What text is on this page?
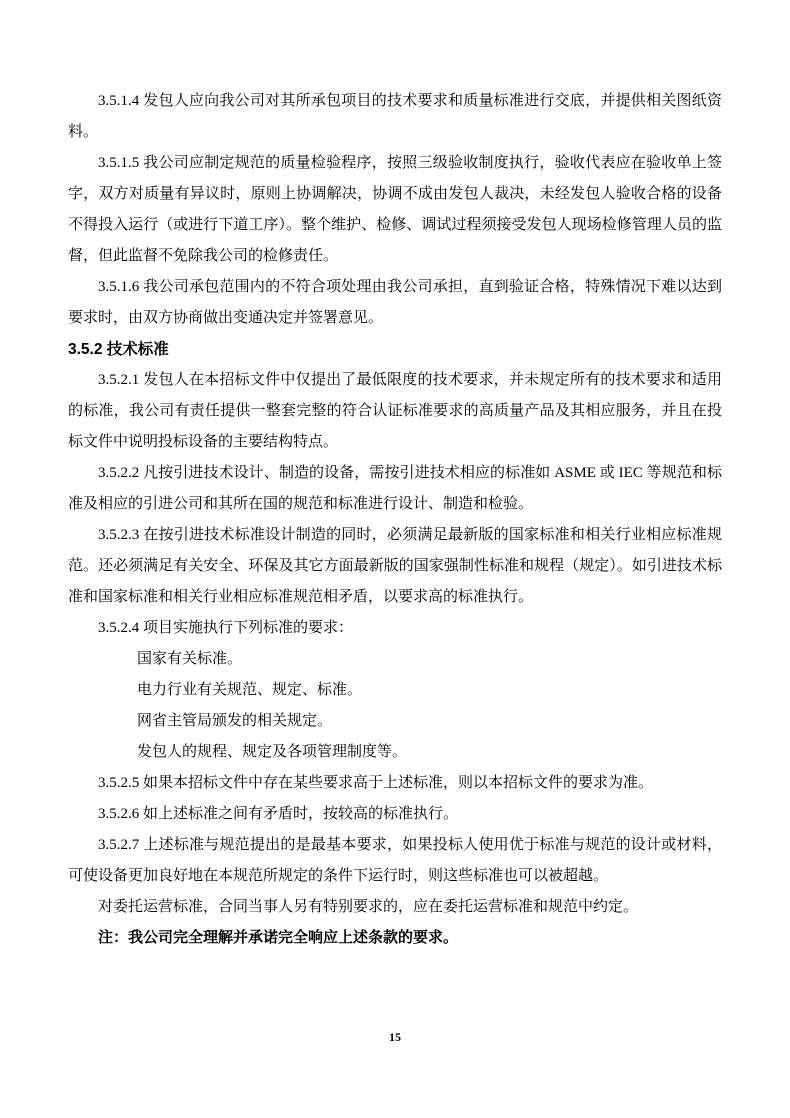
3.5.1.4 发包人应向我公司对其所承包项目的技术要求和质量标准进行交底，并提供相关图纸资料。

3.5.1.5 我公司应制定规范的质量检验程序，按照三级验收制度执行，验收代表应在验收单上签字，双方对质量有异议时，原则上协调解决，协调不成由发包人裁决，未经发包人验收合格的设备不得投入运行（或进行下道工序）。整个维护、检修、调试过程须接受发包人现场检修管理人员的监督，但此监督不免除我公司的检修责任。

3.5.1.6 我公司承包范围内的不符合项处理由我公司承担，直到验证合格，特殊情况下难以达到要求时，由双方协商做出变通决定并签署意见。

3.5.2 技术标准

3.5.2.1 发包人在本招标文件中仅提出了最低限度的技术要求，并未规定所有的技术要求和适用的标准，我公司有责任提供一整套完整的符合认证标准要求的高质量产品及其相应服务，并且在投标文件中说明投标设备的主要结构特点。

3.5.2.2 凡按引进技术设计、制造的设备，需按引进技术相应的标准如 ASME 或 IEC 等规范和标准及相应的引进公司和其所在国的规范和标准进行设计、制造和检验。

3.5.2.3 在按引进技术标准设计制造的同时，必须满足最新版的国家标准和相关行业相应标准规范。还必须满足有关安全、环保及其它方面最新版的国家强制性标准和规程（规定）。如引进技术标准和国家标准和相关行业相应标准规范相矛盾，以要求高的标准执行。

3.5.2.4 项目实施执行下列标准的要求：

国家有关标准。

电力行业有关规范、规定、标准。

网省主管局颁发的相关规定。

发包人的规程、规定及各项管理制度等。

3.5.2.5 如果本招标文件中存在某些要求高于上述标准，则以本招标文件的要求为准。

3.5.2.6 如上述标准之间有矛盾时，按较高的标准执行。

3.5.2.7 上述标准与规范提出的是最基本要求，如果投标人使用优于标准与规范的设计或材料，可使设备更加良好地在本规范所规定的条件下运行时，则这些标准也可以被超越。

对委托运营标准，合同当事人另有特别要求的，应在委托运营标准和规范中约定。

注：我公司完全理解并承诺完全响应上述条款的要求。

15
